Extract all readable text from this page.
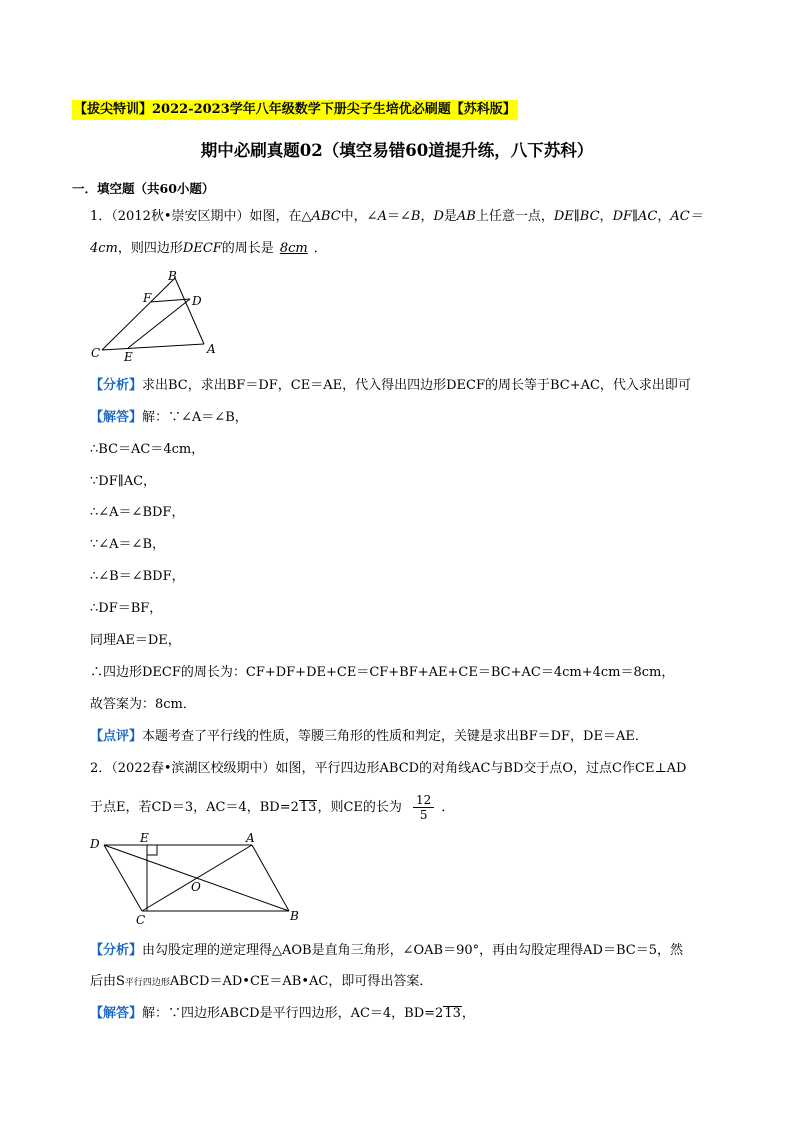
【拔尖特训】2022-2023学年八年级数学下册尖子生培优必刷题【苏科版】
期中必刷真题02（填空易错60道提升练，八下苏科）
一．填空题（共60小题）
1．（2012秋•崇安区期中）如图，在△ABC中，∠A＝∠B，D是AB上任意一点，DE∥BC，DF∥AC，AC＝
4cm，则四边形DECF的周长是 8cm ．
B
F	D
C E
A
【分析】求出BC，求出BF＝DF，CE＝AE，代入得出四边形DECF的周长等于BC+AC，代入求出即可
【解答】解：∵∠A＝∠B，
∴BC＝AC＝4cm，
∵DF∥AC，
∴∠A＝∠BDF，
∵∠A＝∠B，
∴∠B＝∠BDF，
∴DF＝BF，
同理AE＝DE，
∴四边形DECF的周长为：CF+DF+DE+CE＝CF+BF+AE+CE＝BC+AC＝4cm+4cm＝8cm，
故答案为：8cm．
【点评】本题考查了平行线的性质，等腰三角形的性质和判定，关键是求出BF＝DF，DE＝AE．
2．（2022春•滨湖区校级期中）如图，平行四边形ABCD的对角线AC与BD交于点O，过点C作CE⊥AD
于点E，若CD＝3，AC＝4，BD=213，则CE的长为 $\frac{12}{5}$ ．
D	E	A
O
C	B
【分析】由勾股定理的逆定理得△AOB是直角三角形，∠OAB＝90°，再由勾股定理得AD＝BC＝5，然
后由S平行四边形ABCD＝AD•CE＝AB•AC，即可得出答案．
【解答】解：∵四边形ABCD是平行四边形，AC＝4，BD=213，
